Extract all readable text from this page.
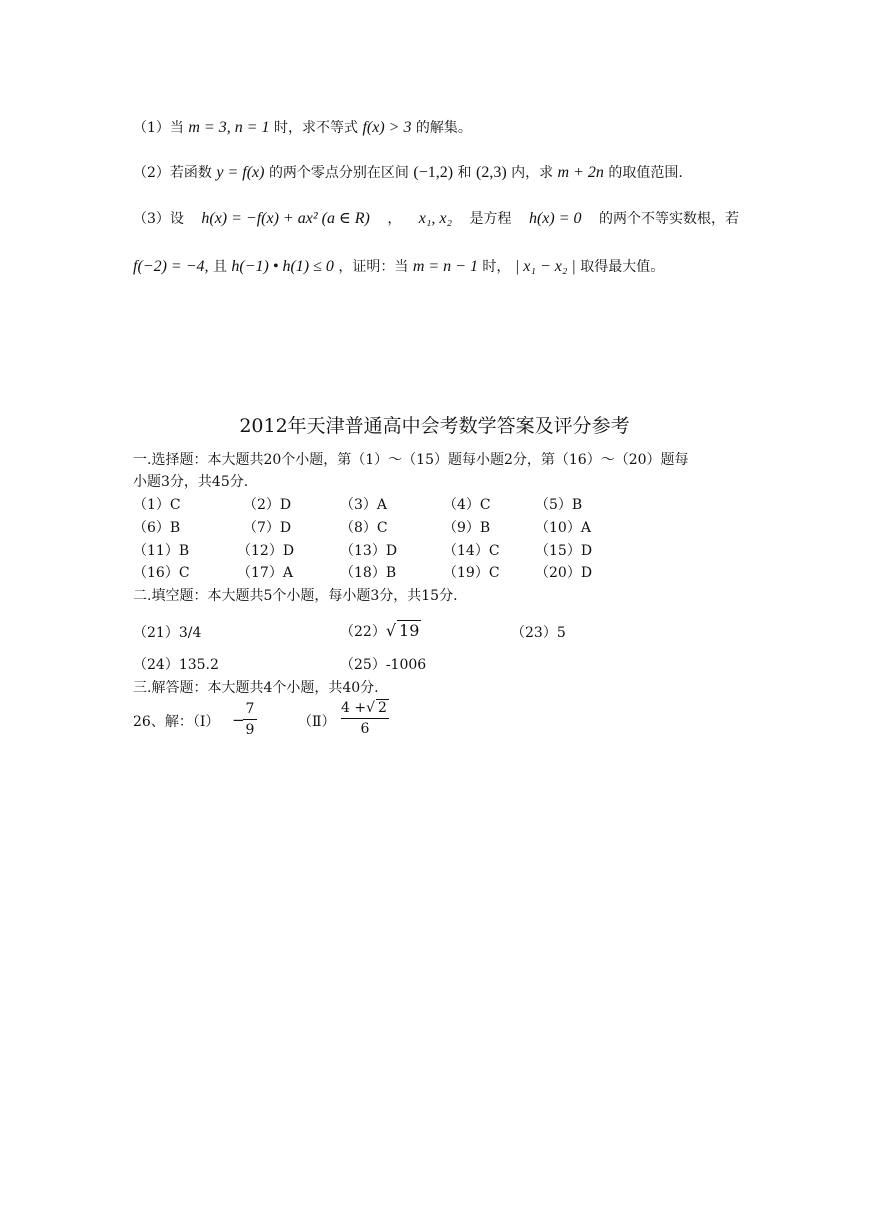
（1）当 m = 3, n = 1 时，求不等式 f(x) > 3 的解集。
（2）若函数 y = f(x) 的两个零点分别在区间 (−1,2) 和 (2,3) 内，求 m + 2n 的取值范围.
（3）设 h(x) = −f(x) + ax² (a ∈ R) ， x₁, x₂ 是方程 h(x) = 0 的两个不等实数根，若
f(−2) = −4, 且 h(−1) • h(1) ≤ 0 ，证明：当 m = n − 1 时， | x₁ − x₂ | 取得最大值。
2012年天津普通高中会考数学答案及评分参考
一.选择题：本大题共20个小题，第（1）～（15）题每小题2分，第（16）～（20）题每
小题3分，共45分.
（1）C	（2）D	（3）A	（4）C	（5）B
（6）B	（7）D	（8）C	（9）B	（10）A
（11）B	（12）D	（13）D	（14）C	（15）D
（16）C	（17）A	（18）B	（19）C	（20）D
二.填空题：本大题共5个小题，每小题3分，共15分.
（21）3/4	（22）√ 19	（23）5
（24）135.2	（25）-1006
三.解答题：本大题共4个小题，共40分.
26、解：（Ⅰ） −
7
9	（Ⅱ）
4 +√ 2
6
